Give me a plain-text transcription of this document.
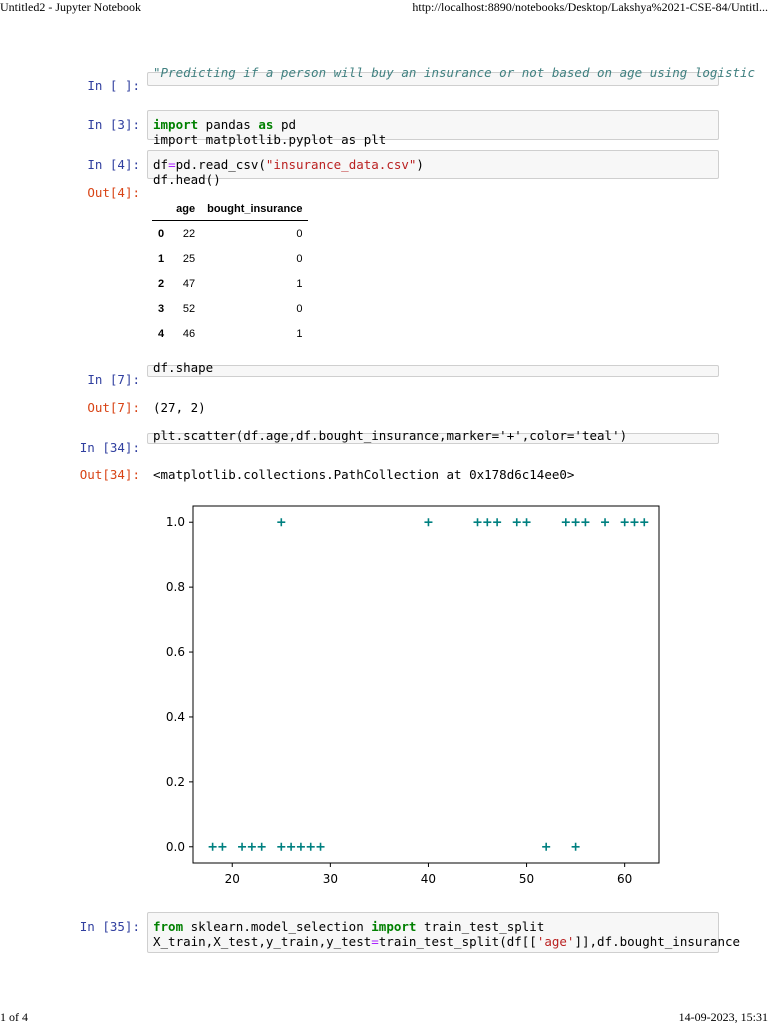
Untitled2 - Jupyter Notebook	http://localhost:8890/notebooks/Desktop/Lakshya%2021-CSE-84/Untitl...
1 of 4	14-09-2023, 15:31
In [ ]:
"Predicting if a person will buy an insurance or not based on age using logistic
In [3]:	import pandas as pd
import matplotlib.pyplot as plt
In [4]:	df=pd.read_csv("insurance_data.csv")
df.head()
Out[4]:
	age	bought_insurance
0	22	0
1	25	0
2	47	1
3	52	0
4	46	1
In [7]:
df.shape
Out[7]: (27, 2)
In [34]:
plt.scatter(df.age,df.bought_insurance,marker='+',color='teal')
Out[34]: <matplotlib.collections.PathCollection at 0x178d6c14ee0>
20	30	40	50	60
0.0
0.2
0.4
0.6
0.8
1.0
In [35]:	from sklearn.model_selection import train_test_split
X_train,X_test,y_train,y_test=train_test_split(df[['age']],df.bought_insurance
